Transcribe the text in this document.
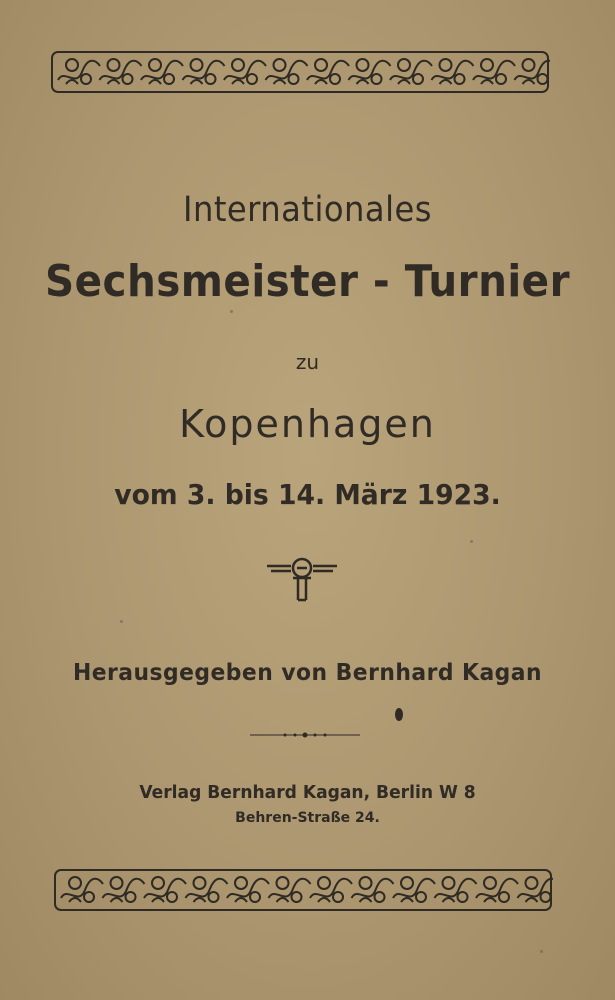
Internationales
Sechsmeister - Turnier
zu
Kopenhagen
vom 3. bis 14. März 1923.
Herausgegeben von Bernhard Kagan
Verlag Bernhard Kagan, Berlin W 8
Behren-Straße 24.
